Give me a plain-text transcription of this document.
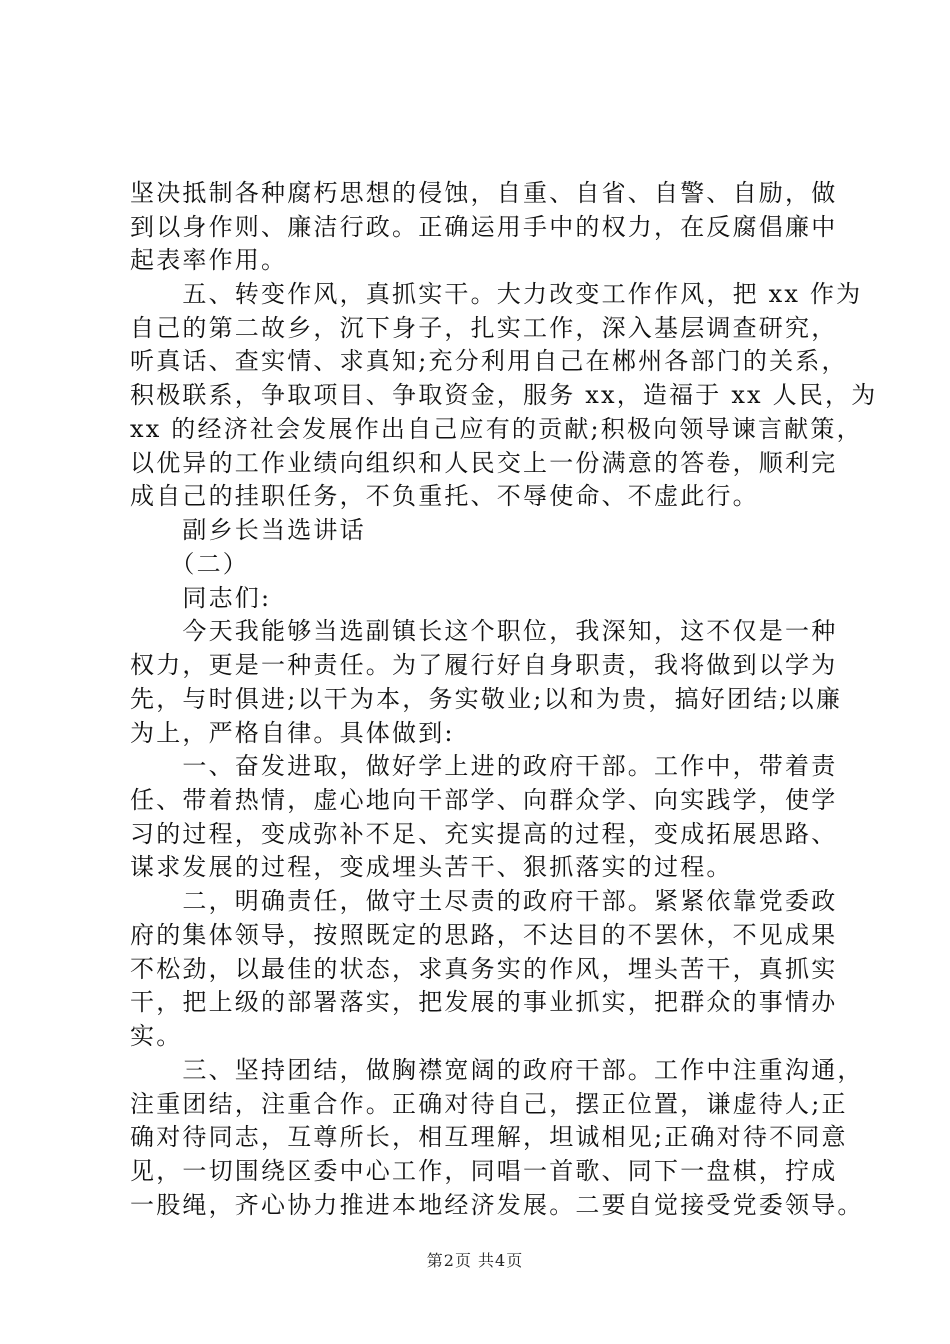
坚决抵制各种腐朽思想的侵蚀，自重、自省、自警、自励，做
到以身作则、廉洁行政。正确运用手中的权力，在反腐倡廉中
起表率作用。
　　五、转变作风，真抓实干。大力改变工作作风，把 xx 作为
自己的第二故乡，沉下身子，扎实工作，深入基层调查研究，
听真话、查实情、求真知;充分利用自己在郴州各部门的关系，
积极联系，争取项目、争取资金，服务 xx，造福于 xx 人民，为
xx 的经济社会发展作出自己应有的贡献;积极向领导谏言献策，
以优异的工作业绩向组织和人民交上一份满意的答卷，顺利完
成自己的挂职任务，不负重托、不辱使命、不虚此行。
　　副乡长当选讲话
　　（二）
　　同志们:
　　今天我能够当选副镇长这个职位，我深知，这不仅是一种
权力，更是一种责任。为了履行好自身职责，我将做到以学为
先，与时俱进;以干为本，务实敬业;以和为贵，搞好团结;以廉
为上，严格自律。具体做到:
　　一、奋发进取，做好学上进的政府干部。工作中，带着责
任、带着热情，虚心地向干部学、向群众学、向实践学，使学
习的过程，变成弥补不足、充实提高的过程，变成拓展思路、
谋求发展的过程，变成埋头苦干、狠抓落实的过程。
　　二，明确责任，做守土尽责的政府干部。紧紧依靠党委政
府的集体领导，按照既定的思路，不达目的不罢休，不见成果
不松劲，以最佳的状态，求真务实的作风，埋头苦干，真抓实
干，把上级的部署落实，把发展的事业抓实，把群众的事情办
实。
　　三、坚持团结，做胸襟宽阔的政府干部。工作中注重沟通，
注重团结，注重合作。正确对待自己，摆正位置，谦虚待人;正
确对待同志，互尊所长，相互理解，坦诚相见;正确对待不同意
见，一切围绕区委中心工作，同唱一首歌、同下一盘棋，拧成
一股绳，齐心协力推进本地经济发展。二要自觉接受党委领导。
第2页 共4页
